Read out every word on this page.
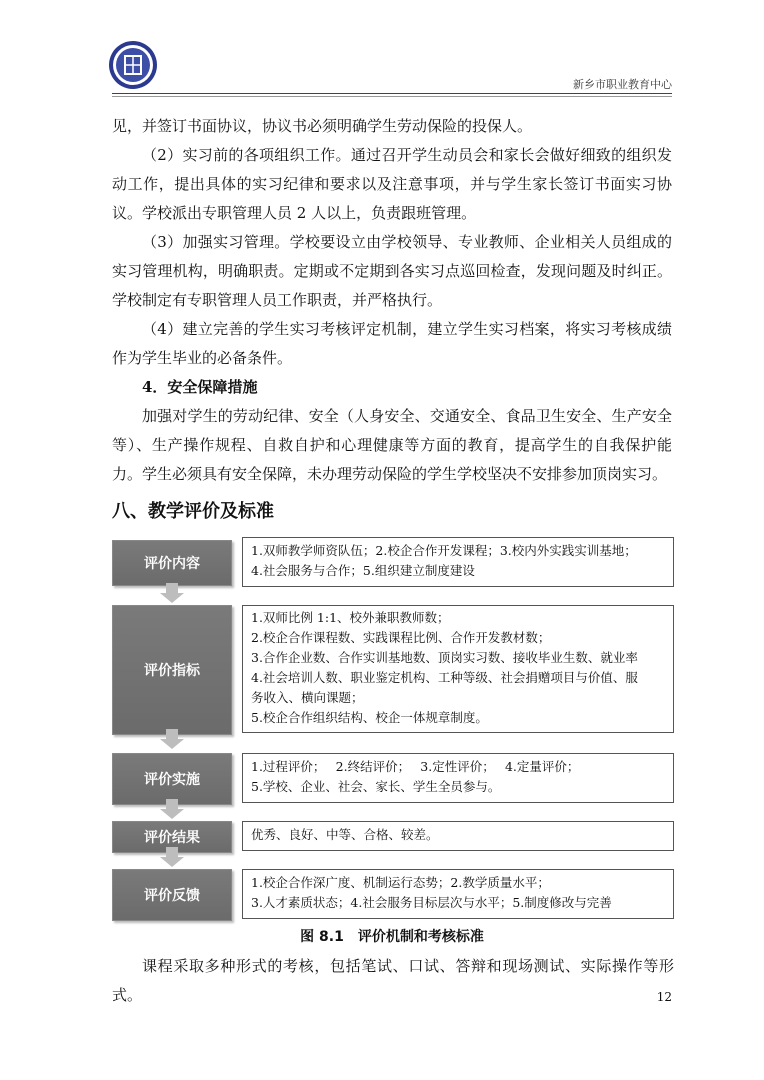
新乡市职业教育中心

见，并签订书面协议，协议书必须明确学生劳动保险的投保人。

（2）实习前的各项组织工作。通过召开学生动员会和家长会做好细致的组织发动工作，提出具体的实习纪律和要求以及注意事项，并与学生家长签订书面实习协议。学校派出专职管理人员 2 人以上，负责跟班管理。

（3）加强实习管理。学校要设立由学校领导、专业教师、企业相关人员组成的实习管理机构，明确职责。定期或不定期到各实习点巡回检查，发现问题及时纠正。学校制定有专职管理人员工作职责，并严格执行。

（4）建立完善的学生实习考核评定机制，建立学生实习档案，将实习考核成绩作为学生毕业的必备条件。

4．安全保障措施

加强对学生的劳动纪律、安全（人身安全、交通安全、食品卫生安全、生产安全等）、生产操作规程、自救自护和心理健康等方面的教育，提高学生的自我保护能力。学生必须具有安全保障，未办理劳动保险的学生学校坚决不安排参加顶岗实习。

八、教学评价及标准
评价内容
1.双师教学师资队伍；2.校企合作开发课程；3.校内外实践实训基地；
4.社会服务与合作；5.组织建立制度建设
评价指标
1.双师比例 1:1、校外兼职教师数；
2.校企合作课程数、实践课程比例、合作开发教材数；
3.合作企业数、合作实训基地数、顶岗实习数、接收毕业生数、就业率
4.社会培训人数、职业鉴定机构、工种等级、社会捐赠项目与价值、服
务收入、横向课题；
5.校企合作组织结构、校企一体规章制度。
评价实施
1.过程评价；　 2.终结评价；　 3.定性评价；　 4.定量评价；
5.学校、企业、社会、家长、学生全员参与。
评价结果	优秀、良好、中等、合格、较差。
评价反馈
1.校企合作深广度、机制运行态势；2.教学质量水平；
3.人才素质状态；4.社会服务目标层次与水平；5.制度修改与完善
图 8.1　评价机制和考核标准

课程采取多种形式的考核，包括笔试、口试、答辩和现场测试、实际操作等形式。	12
